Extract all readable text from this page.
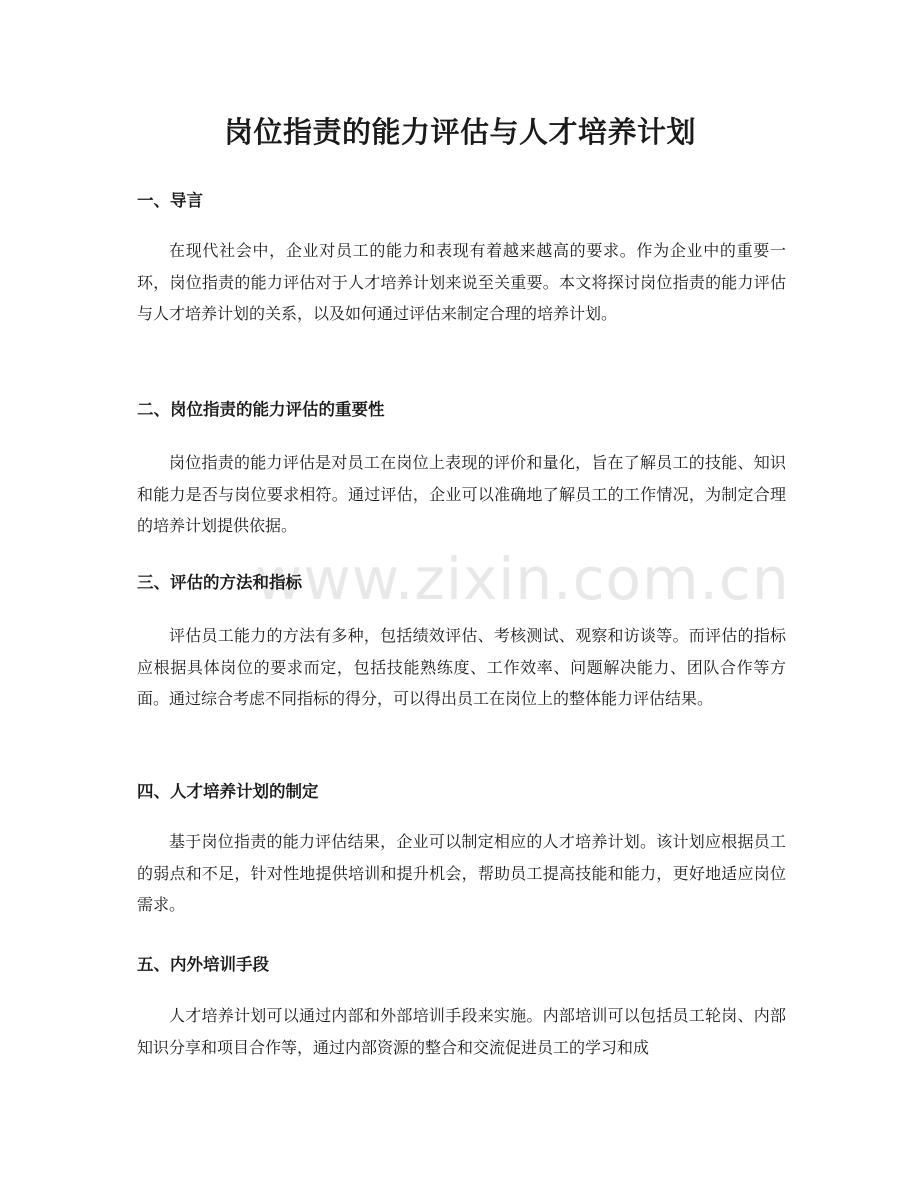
www.zixin.com.cn
岗位指责的能力评估与人才培养计划
一、导言

在现代社会中，企业对员工的能力和表现有着越来越高的要求。作为企业中的重要一环，岗位指责的能力评估对于人才培养计划来说至关重要。本文将探讨岗位指责的能力评估与人才培养计划的关系，以及如何通过评估来制定合理的培养计划。

二、岗位指责的能力评估的重要性

岗位指责的能力评估是对员工在岗位上表现的评价和量化，旨在了解员工的技能、知识和能力是否与岗位要求相符。通过评估，企业可以准确地了解员工的工作情况，为制定合理的培养计划提供依据。

三、评估的方法和指标

评估员工能力的方法有多种，包括绩效评估、考核测试、观察和访谈等。而评估的指标应根据具体岗位的要求而定，包括技能熟练度、工作效率、问题解决能力、团队合作等方面。通过综合考虑不同指标的得分，可以得出员工在岗位上的整体能力评估结果。

四、人才培养计划的制定

基于岗位指责的能力评估结果，企业可以制定相应的人才培养计划。该计划应根据员工的弱点和不足，针对性地提供培训和提升机会，帮助员工提高技能和能力，更好地适应岗位需求。

五、内外培训手段

人才培养计划可以通过内部和外部培训手段来实施。内部培训可以包括员工轮岗、内部知识分享和项目合作等，通过内部资源的整合和交流促进员工的学习和成
